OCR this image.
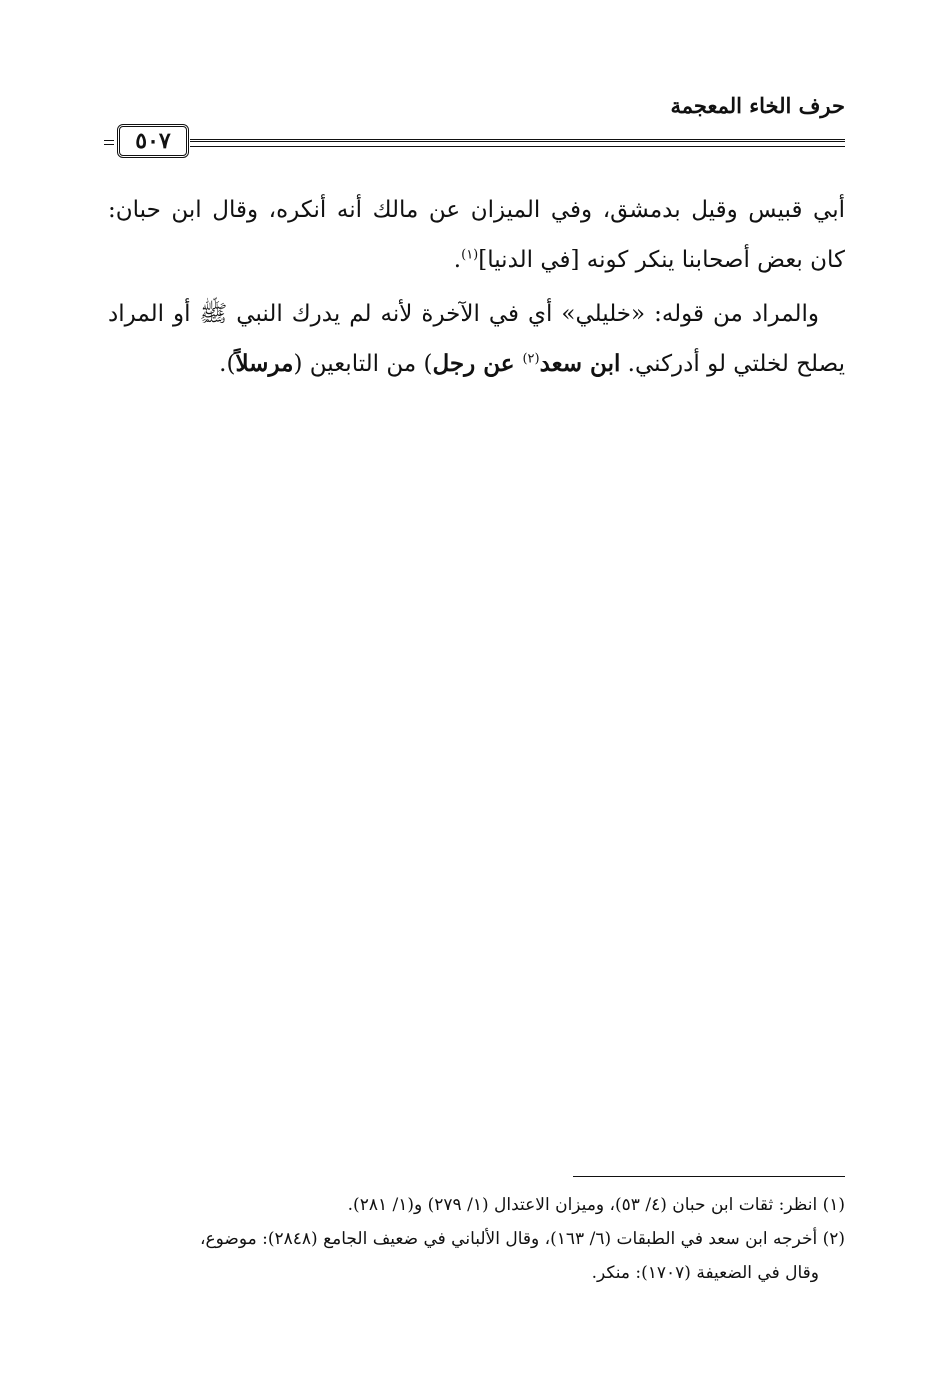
حرف الخاء المعجمة
٥٠٧

أبي قبيس وقيل بدمشق، وفي الميزان عن مالك أنه أنكره، وقال ابن حبان: كان بعض أصحابنا ينكر كونه [في الدنيا]$^{(١)}$.

والمراد من قوله: «خليلي» أي في الآخرة لأنه لم يدرك النبي ﷺ أو المراد يصلح لخلتي لو أدركني. ابن سعد$^{(٢)}$ عن رجل) من التابعين (مرسلاً).

(١) انظر: ثقات ابن حبان (٤/ ٥٣)، وميزان الاعتدال (١/ ٢٧٩) و(١/ ٢٨١).

(٢) أخرجه ابن سعد في الطبقات (٦/ ١٦٣)، وقال الألباني في ضعيف الجامع (٢٨٤٨): موضوع،

وقال في الضعيفة (١٧٠٧): منكر.
